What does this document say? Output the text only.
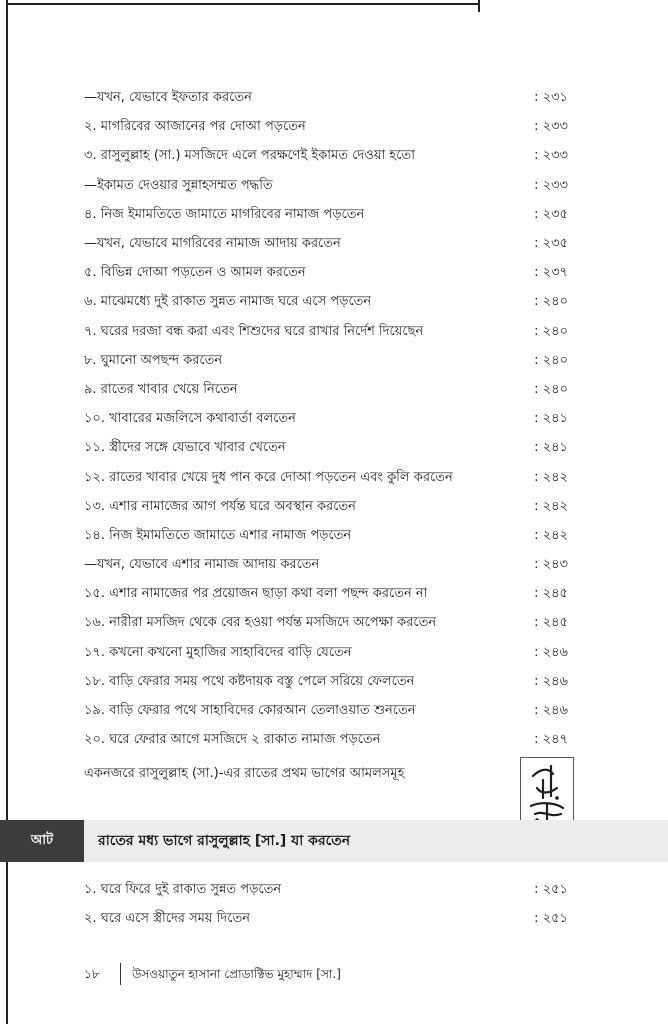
—যখন, যেভাবে ইফতার করতেন	: ২৩১
২. মাগরিবের আজানের পর দোআ পড়তেন	: ২৩৩
৩. রাসুলুল্লাহ (সা.) মসজিদে এলে পরক্ষণেই ইকামত দেওয়া হতো	: ২৩৩
—ইকামত দেওয়ার সুন্নাহসম্মত পদ্ধতি	: ২৩৩
৪. নিজ ইমামতিতে জামাতে মাগরিবের নামাজ পড়তেন	: ২৩৫
—যখন, যেভাবে মাগরিবের নামাজ আদায় করতেন	: ২৩৫
৫. বিভিন্ন দোআ পড়তেন ও আমল করতেন	: ২৩৭
৬. মাঝেমধ্যে দুই রাকাত সুন্নত নামাজ ঘরে এসে পড়তেন	: ২৪০
৭. ঘরের দরজা বন্ধ করা এবং শিশুদের ঘরে রাখার নির্দেশ দিয়েছেন	: ২৪০
৮. ঘুমানো অপছন্দ করতেন	: ২৪০
৯. রাতের খাবার খেয়ে নিতেন	: ২৪০
১০. খাবারের মজলিসে কথাবার্তা বলতেন	: ২৪১
১১. স্ত্রীদের সঙ্গে যেভাবে খাবার খেতেন	: ২৪১
১২. রাতের খাবার খেয়ে দুধ পান করে দোআ পড়তেন এবং কুলি করতেন	: ২৪২
১৩. এশার নামাজের আগ পর্যন্ত ঘরে অবস্থান করতেন	: ২৪২
১৪. নিজ ইমামতিতে জামাতে এশার নামাজ পড়তেন	: ২৪২
—যখন, যেভাবে এশার নামাজ আদায় করতেন	: ২৪৩
১৫. এশার নামাজের পর প্রয়োজন ছাড়া কথা বলা পছন্দ করতেন না	: ২৪৫
১৬. নারীরা মসজিদ থেকে বের হওয়া পর্যন্ত মসজিদে অপেক্ষা করতেন	: ২৪৫
১৭. কখনো কখনো মুহাজির সাহাবিদের বাড়ি যেতেন	: ২৪৬
১৮. বাড়ি ফেরার সময় পথে কষ্টদায়ক বস্তু পেলে সরিয়ে ফেলতেন	: ২৪৬
১৯. বাড়ি ফেরার পথে সাহাবিদের কোরআন তেলাওয়াত শুনতেন	: ২৪৬
২০. ঘরে ফেরার আগে মসজিদে ২ রাকাত নামাজ পড়তেন	: ২৪৭
একনজরে রাসুলুল্লাহ (সা.)-এর রাতের প্রথম ভাগের আমলসমূহ
আট	রাতের মধ্য ভাগে রাসুলুল্লাহ [সা.] যা করতেন
১. ঘরে ফিরে দুই রাকাত সুন্নত পড়তেন	: ২৫১
২. ঘরে এসে স্ত্রীদের সময় দিতেন	: ২৫১
১৮	উসওয়াতুন হাসানা প্রোডাক্টিভ মুহাম্মাদ [সা.]
